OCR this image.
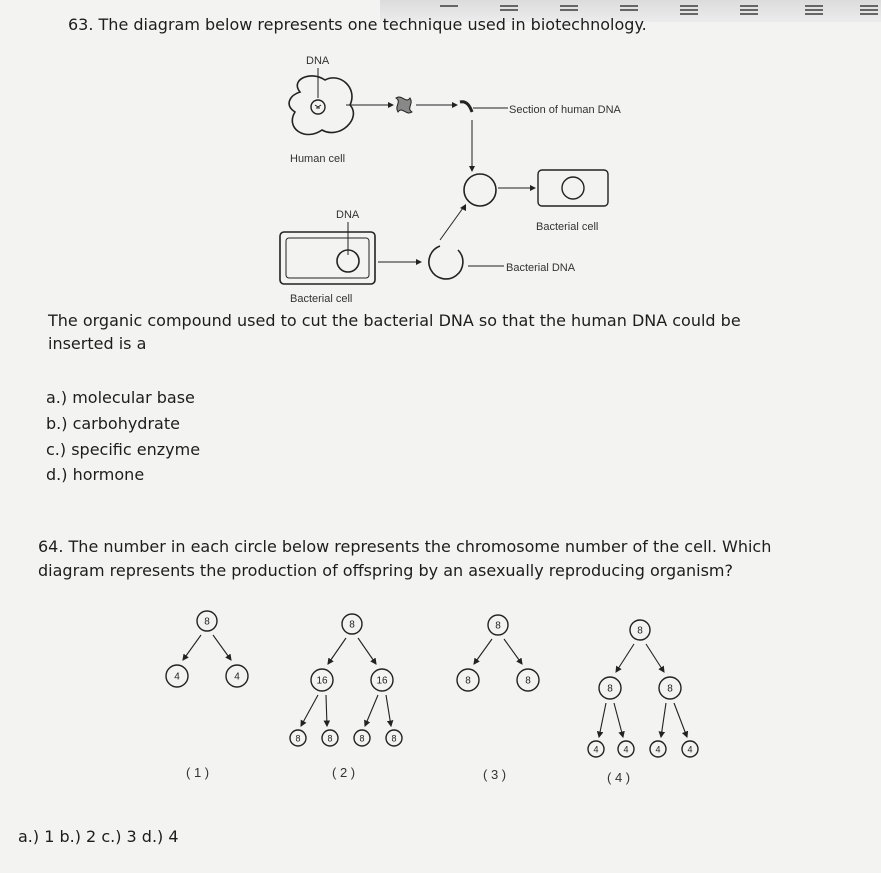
63. The diagram below represents one technique used in biotechnology.
DNA
Section of human DNA
Human cell
Bacterial cell
DNA
Bacterial DNA
Bacterial cell
The organic compound used to cut the bacterial DNA so that the human DNA could be
inserted is a
a.) molecular base
b.) carbohydrate
c.) specific enzyme
d.) hormone
64. The number in each circle below represents the chromosome number of the cell. Which
diagram represents the production of offspring by an asexually reproducing organism?
8
4	4
8
16	16
8	8	8	8
8
8	8
8
8	8
4	4	4	4
( 1 )	( 2 )	( 3 )	( 4 )
a.) 1 b.) 2 c.) 3 d.) 4
